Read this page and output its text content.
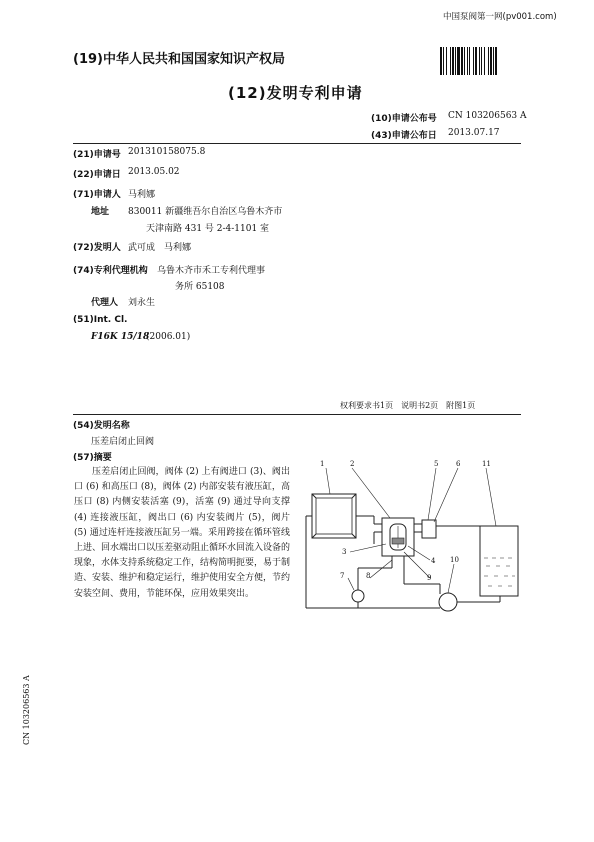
中国泵阀第一网(pv001.com)
(19)中华人民共和国国家知识产权局
(12)发明专利申请
(10)申请公布号 CN 103206563 A
(43)申请公布日 2013.07.17
(21)申请号 201310158075.8
(22)申请日 2013.05.02
(71)申请人 马利娜
地址 830011 新疆维吾尔自治区乌鲁木齐市
天津南路 431 号 2-4-1101 室
(72)发明人 武可成　马利娜
(74)专利代理机构 乌鲁木齐市禾工专利代理事
务所 65108
代理人 刘永生
(51)Int. Cl.
F16K 15/18
(2006.01)
权利要求书1页　说明书2页　附图1页
(54)发明名称
压差启闭止回阀
(57)摘要
压差启闭止回阀，阀体 (2) 上有阀进口 (3)、阀出口 (6) 和高压口 (8)，阀体 (2) 内部安装有液压缸，高压口 (8) 内侧安装活塞 (9)，活塞 (9) 通过导向支撑 (4) 连接液压缸，阀出口 (6) 内安装阀片 (5)，阀片 (5) 通过连杆连接液压缸另一端。采用跨接在循环管线上进、回水端出口以压差驱动阻止循环水回流入设备的现象，水体支持系统稳定工作，结构简明扼要，易于制造、安装、维护和稳定运行，维护使用安全方便，节约安装空间、费用，节能环保，应用效果突出。
1	2
3
4
5	6
7	8	9
10
11
CN 103206563 A
